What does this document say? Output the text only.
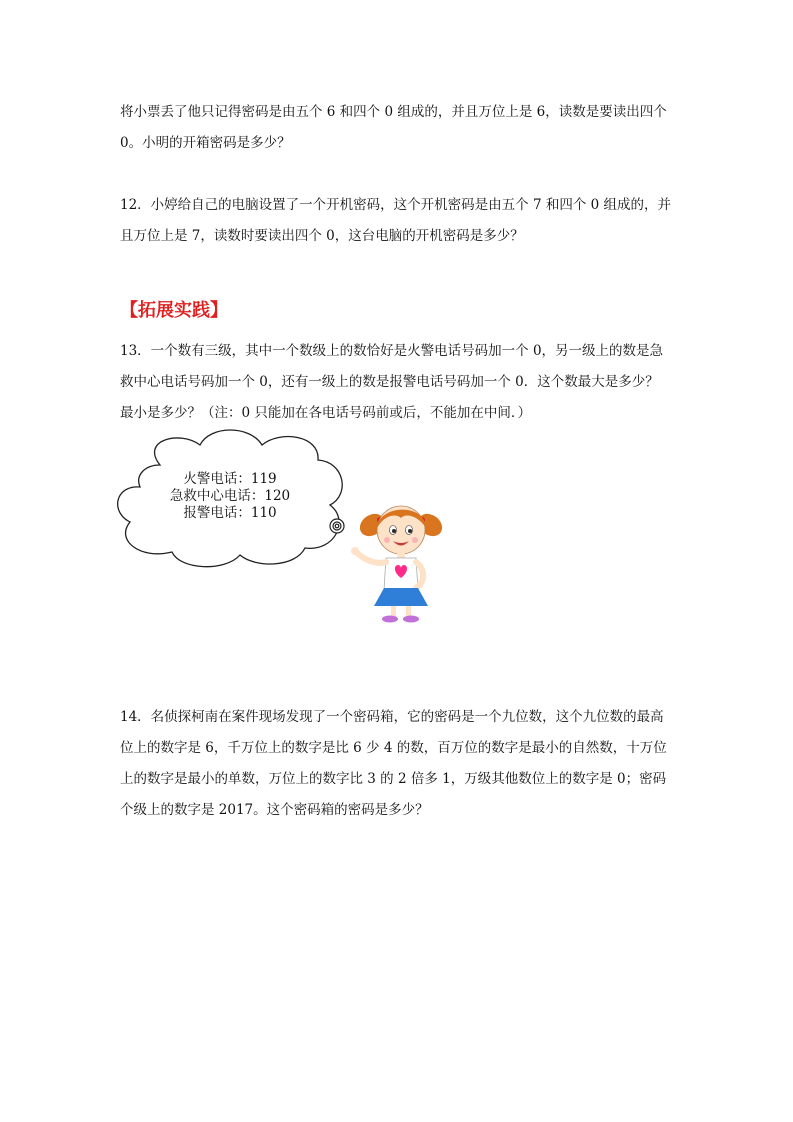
将小票丢了他只记得密码是由五个 6 和四个 0 组成的，并且万位上是 6，读数是要读出四个
0。小明的开箱密码是多少？
12．小婷给自己的电脑设置了一个开机密码，这个开机密码是由五个 7 和四个 0 组成的，并
且万位上是 7，读数时要读出四个 0，这台电脑的开机密码是多少？
【拓展实践】
13．一个数有三级，其中一个数级上的数恰好是火警电话号码加一个 0，另一级上的数是急
救中心电话号码加一个 0，还有一级上的数是报警电话号码加一个 0．这个数最大是多少？
最小是多少？（注：0 只能加在各电话号码前或后，不能加在中间．）
火警电话：119
急救中心电话：120
报警电话：110
14．名侦探柯南在案件现场发现了一个密码箱，它的密码是一个九位数，这个九位数的最高
位上的数字是 6，千万位上的数字是比 6 少 4 的数，百万位的数字是最小的自然数，十万位
上的数字是最小的单数，万位上的数字比 3 的 2 倍多 1，万级其他数位上的数字是 0；密码
个级上的数字是 2017。这个密码箱的密码是多少？
